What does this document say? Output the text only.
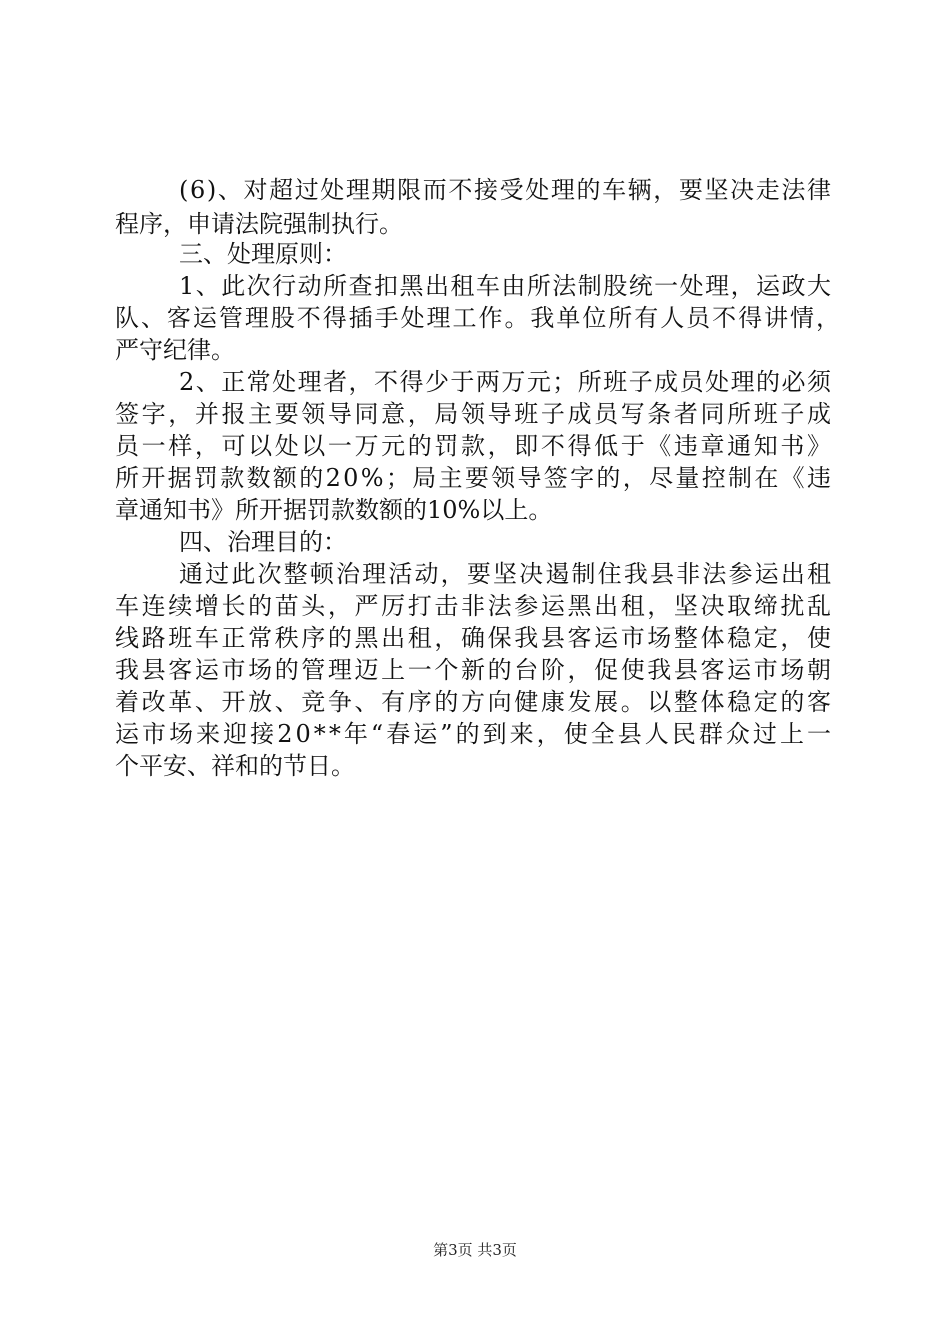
(6)、对超过处理期限而不接受处理的车辆，要坚决走法律
程序，申请法院强制执行。
三、处理原则：
1、此次行动所查扣黑出租车由所法制股统一处理，运政大
队、客运管理股不得插手处理工作。我单位所有人员不得讲情，
严守纪律。
2、正常处理者，不得少于两万元；所班子成员处理的必须
签字，并报主要领导同意，局领导班子成员写条者同所班子成
员一样，可以处以一万元的罚款，即不得低于《违章通知书》
所开据罚款数额的20%；局主要领导签字的，尽量控制在《违
章通知书》所开据罚款数额的10%以上。
四、治理目的：
通过此次整顿治理活动，要坚决遏制住我县非法参运出租
车连续增长的苗头，严厉打击非法参运黑出租，坚决取缔扰乱
线路班车正常秩序的黑出租，确保我县客运市场整体稳定，使
我县客运市场的管理迈上一个新的台阶，促使我县客运市场朝
着改革、开放、竞争、有序的方向健康发展。以整体稳定的客
运市场来迎接20**年“春运”的到来，使全县人民群众过上一
个平安、祥和的节日。
第3页 共3页
